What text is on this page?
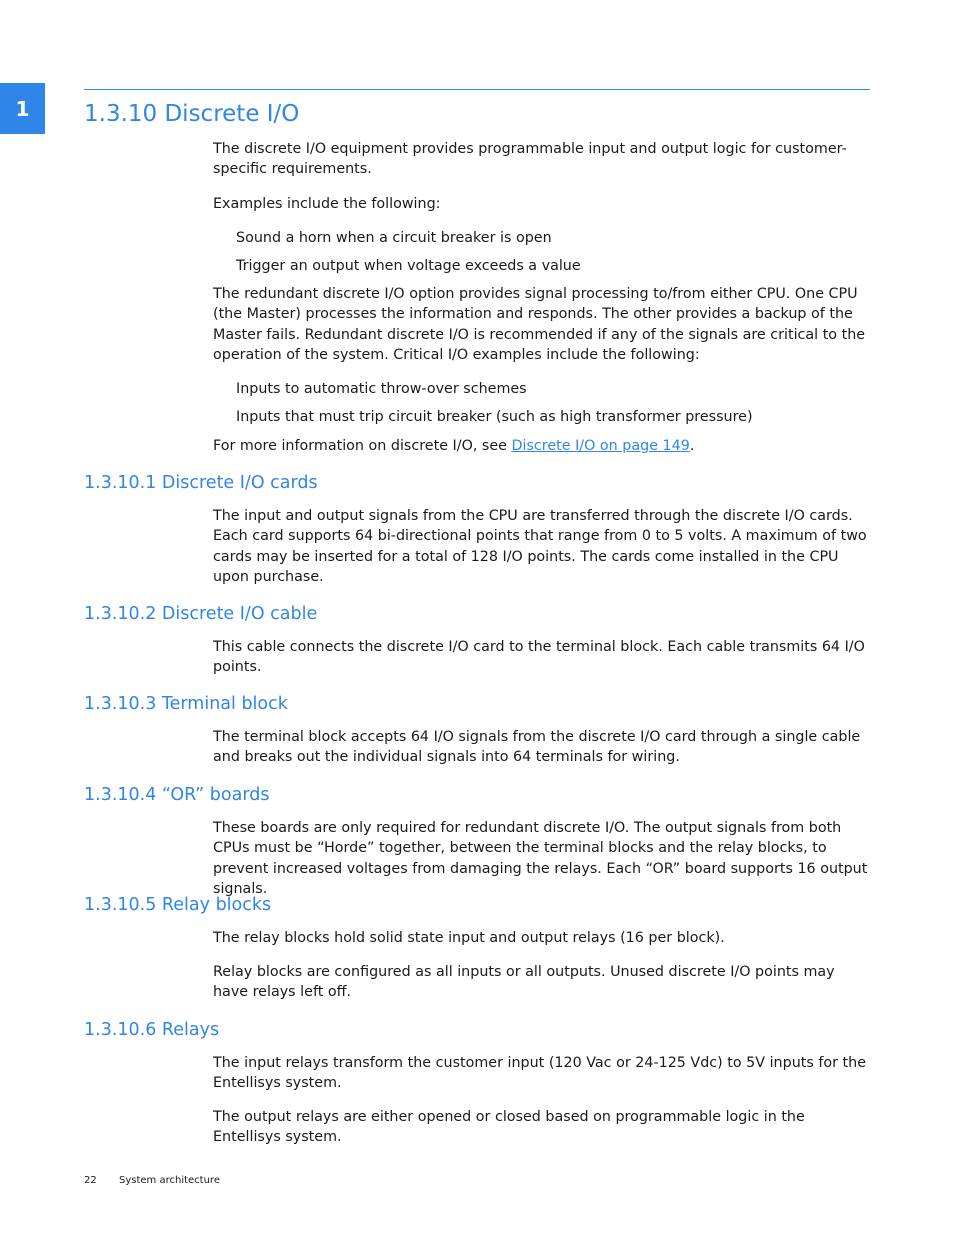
1	1.3.10 Discrete I/O

The discrete I/O equipment provides programmable input and output logic for customer-specific requirements.

Examples include the following:

Sound a horn when a circuit breaker is open

Trigger an output when voltage exceeds a value

The redundant discrete I/O option provides signal processing to/from either CPU. One CPU (the Master) processes the information and responds. The other provides a backup of the Master fails. Redundant discrete I/O is recommended if any of the signals are critical to the operation of the system. Critical I/O examples include the following:

Inputs to automatic throw-over schemes

Inputs that must trip circuit breaker (such as high transformer pressure)

For more information on discrete I/O, see Discrete I/O on page 149.

1.3.10.1 Discrete I/O cards

The input and output signals from the CPU are transferred through the discrete I/O cards. Each card supports 64 bi-directional points that range from 0 to 5 volts. A maximum of two cards may be inserted for a total of 128 I/O points. The cards come installed in the CPU upon purchase.

1.3.10.2 Discrete I/O cable

This cable connects the discrete I/O card to the terminal block. Each cable transmits 64 I/O points.

1.3.10.3 Terminal block

The terminal block accepts 64 I/O signals from the discrete I/O card through a single cable and breaks out the individual signals into 64 terminals for wiring.

1.3.10.4 “OR” boards

These boards are only required for redundant discrete I/O. The output signals from both CPUs must be “Horde” together, between the terminal blocks and the relay blocks, to prevent increased voltages from damaging the relays. Each “OR” board supports 16 output signals.

1.3.10.5 Relay blocks

The relay blocks hold solid state input and output relays (16 per block).

Relay blocks are configured as all inputs or all outputs. Unused discrete I/O points may have relays left off.

1.3.10.6 Relays

The input relays transform the customer input (120 Vac or 24-125 Vdc) to 5V inputs for the Entellisys system.

The output relays are either opened or closed based on programmable logic in the Entellisys system.

22 System architecture
